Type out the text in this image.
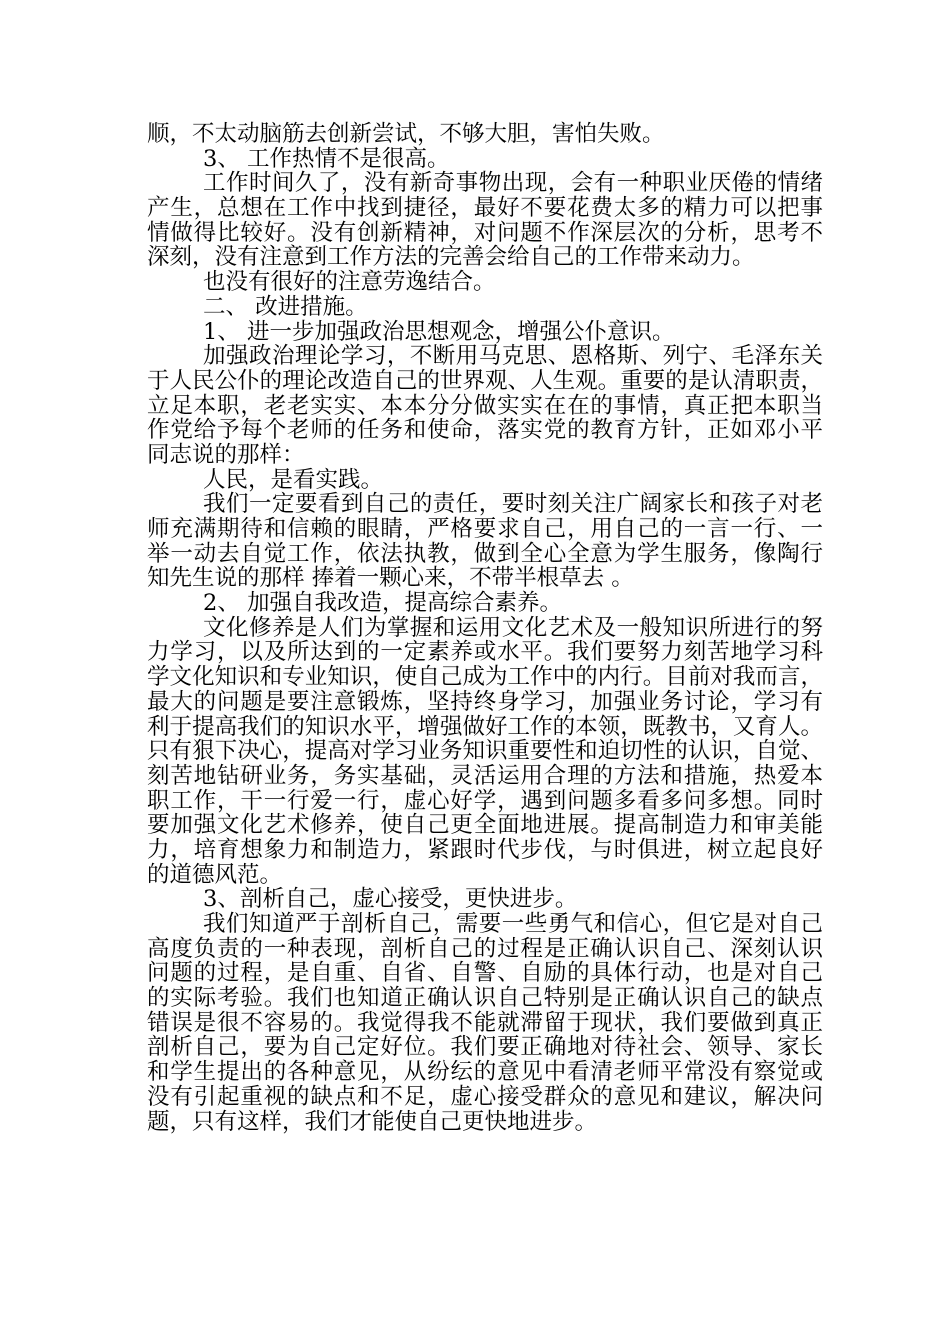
顺，不太动脑筋去创新尝试，不够大胆，害怕失败。
3、 工作热情不是很高。
工作时间久了，没有新奇事物出现，会有一种职业厌倦的情绪
产生，总想在工作中找到捷径，最好不要花费太多的精力可以把事
情做得比较好。没有创新精神，对问题不作深层次的分析，思考不
深刻，没有注意到工作方法的完善会给自己的工作带来动力。
也没有很好的注意劳逸结合。
二、 改进措施。
1、 进一步加强政治思想观念，增强公仆意识。
加强政治理论学习，不断用马克思、恩格斯、列宁、毛泽东关
于人民公仆的理论改造自己的世界观、人生观。重要的是认清职责，
立足本职，老老实实、本本分分做实实在在的事情，真正把本职当
作党给予每个老师的任务和使命，落实党的教育方针，正如邓小平
同志说的那样：
人民，是看实践。
我们一定要看到自己的责任，要时刻关注广阔家长和孩子对老
师充满期待和信赖的眼睛，严格要求自己，用自己的一言一行、一
举一动去自觉工作，依法执教，做到全心全意为学生服务，像陶行
知先生说的那样 捧着一颗心来，不带半根草去 。
2、 加强自我改造，提高综合素养。
文化修养是人们为掌握和运用文化艺术及一般知识所进行的努
力学习，以及所达到的一定素养或水平。我们要努力刻苦地学习科
学文化知识和专业知识，使自己成为工作中的内行。目前对我而言，
最大的问题是要注意锻炼，坚持终身学习，加强业务讨论，学习有
利于提高我们的知识水平，增强做好工作的本领，既教书，又育人。
只有狠下决心，提高对学习业务知识重要性和迫切性的认识，自觉、
刻苦地钻研业务，务实基础，灵活运用合理的方法和措施，热爱本
职工作，干一行爱一行，虚心好学，遇到问题多看多问多想。同时
要加强文化艺术修养，使自己更全面地进展。提高制造力和审美能
力，培育想象力和制造力，紧跟时代步伐，与时俱进，树立起良好
的道德风范。
3、剖析自己，虚心接受，更快进步。
我们知道严于剖析自己，需要一些勇气和信心，但它是对自己
高度负责的一种表现，剖析自己的过程是正确认识自己、深刻认识
问题的过程，是自重、自省、自警、自励的具体行动，也是对自己
的实际考验。我们也知道正确认识自己特别是正确认识自己的缺点
错误是很不容易的。我觉得我不能就滞留于现状，我们要做到真正
剖析自己，要为自己定好位。我们要正确地对待社会、领导、家长
和学生提出的各种意见，从纷纭的意见中看清老师平常没有察觉或
没有引起重视的缺点和不足，虚心接受群众的意见和建议，解决问
题，只有这样，我们才能使自己更快地进步。
